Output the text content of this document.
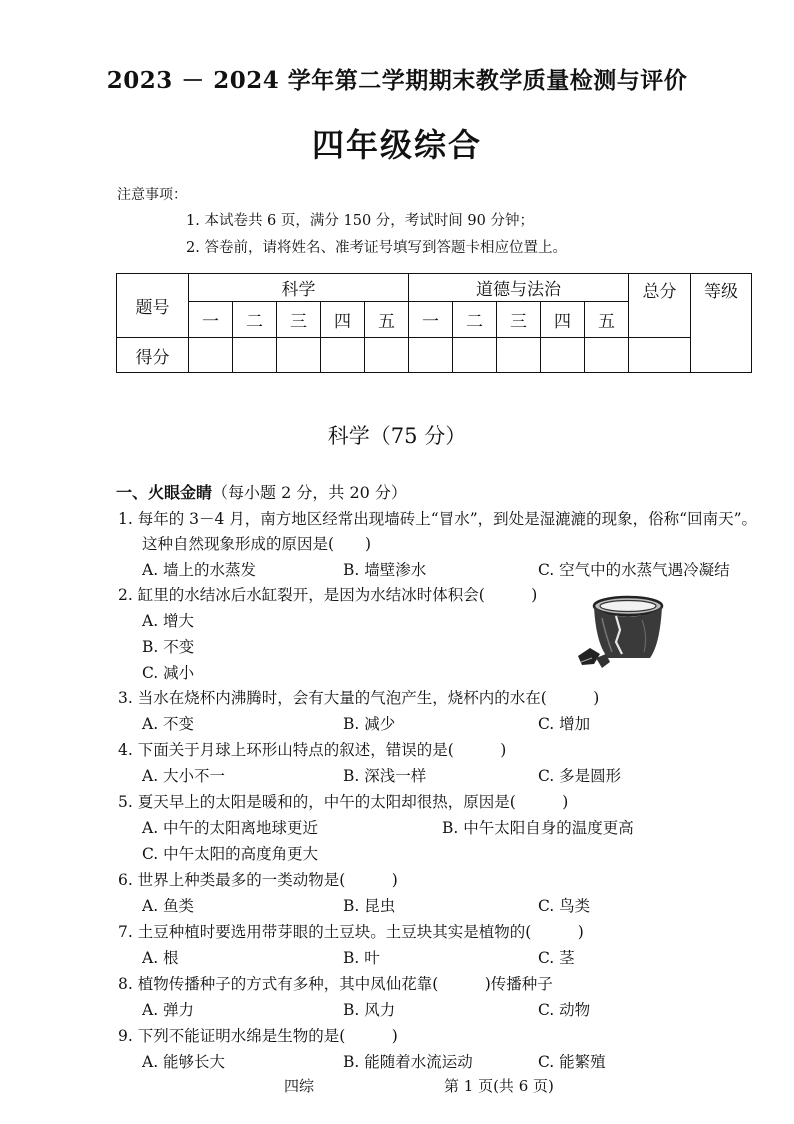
2023 － 2024 学年第二学期期末教学质量检测与评价
四年级综合
注意事项：
1. 本试卷共 6 页，满分 150 分，考试时间 90 分钟；
2. 答卷前，请将姓名、准考证号填写到答题卡相应位置上。
题号	科学					道德与法治					总分	等级
	一	二	三	四	五	一	二	三	四	五		
得分												
科学（75 分）
一、火眼金睛（每小题 2 分，共 20 分）
1. 每年的 3－4 月，南方地区经常出现墙砖上“冒水”，到处是湿漉漉的现象，俗称“回南天”。
这种自然现象形成的原因是(　　)
A. 墙上的水蒸发	B. 墙壁渗水	C. 空气中的水蒸气遇冷凝结
2. 缸里的水结冰后水缸裂开，是因为水结冰时体积会(　　　)
A. 增大
B. 不变
C. 减小
3. 当水在烧杯内沸腾时，会有大量的气泡产生，烧杯内的水在(　　　)
A. 不变	B. 减少	C. 增加
4. 下面关于月球上环形山特点的叙述，错误的是(　　　)
A. 大小不一	B. 深浅一样	C. 多是圆形
5. 夏天早上的太阳是暖和的，中午的太阳却很热，原因是(　　　)
A. 中午的太阳离地球更近	B. 中午太阳自身的温度更高
C. 中午太阳的高度角更大
6. 世界上种类最多的一类动物是(　　　)
A. 鱼类	B. 昆虫	C. 鸟类
7. 土豆种植时要选用带芽眼的土豆块。土豆块其实是植物的(　　　)
A. 根	B. 叶	C. 茎
8. 植物传播种子的方式有多种，其中凤仙花靠(　　　)传播种子
A. 弹力	B. 风力	C. 动物
9. 下列不能证明水绵是生物的是(　　　)
A. 能够长大	B. 能随着水流运动	C. 能繁殖
四综	第 1 页(共 6 页)
